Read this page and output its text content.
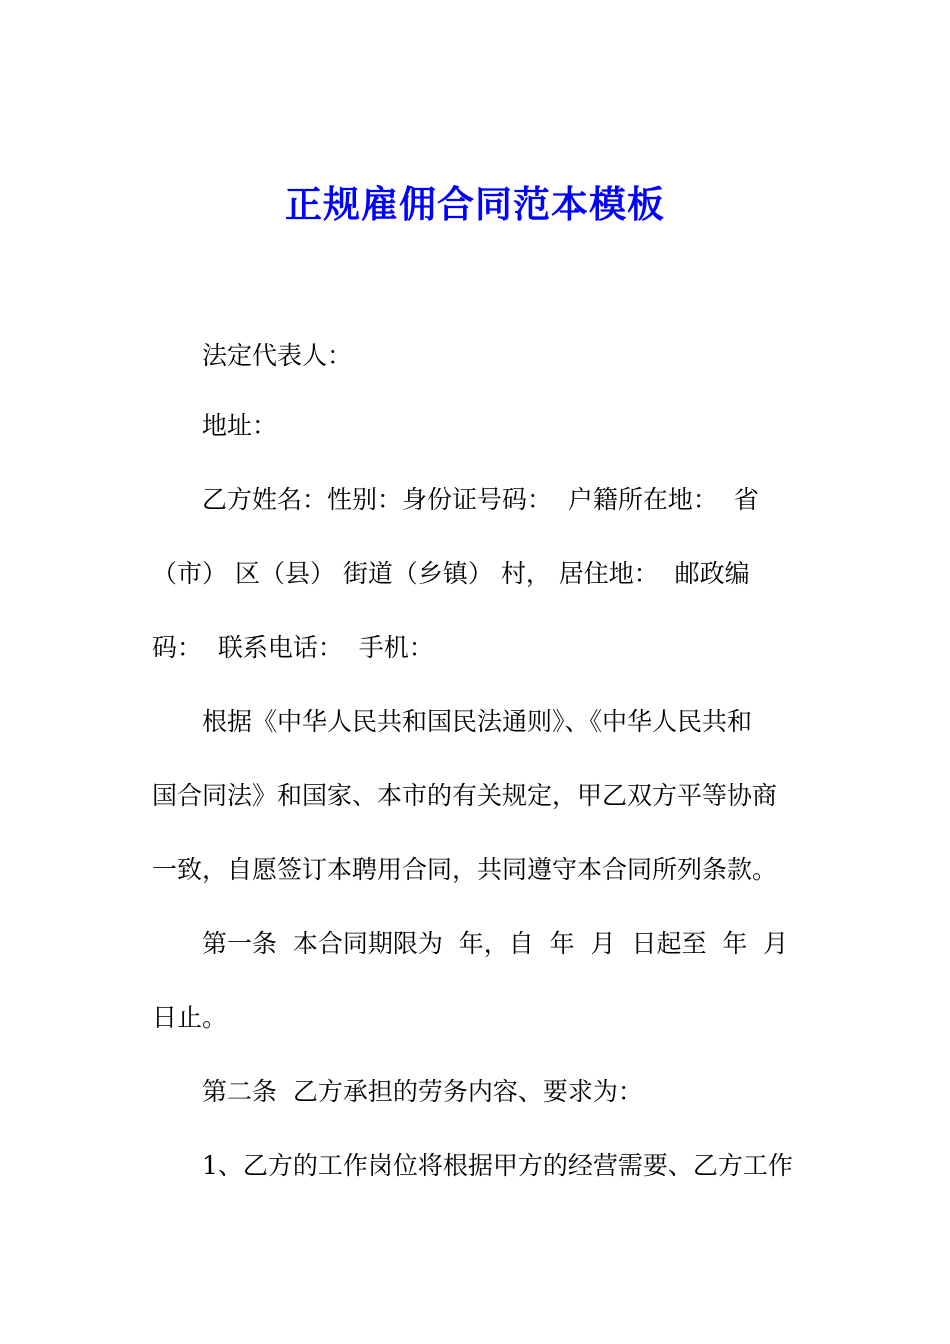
正规雇佣合同范本模板
法定代表人：
地址：
乙方姓名：性别：身份证号码：  户籍所在地：  省
（市） 区（县） 街道（乡镇） 村， 居住地：  邮政编
码：  联系电话：  手机：
根据《中华人民共和国民法通则》、《中华人民共和
国合同法》和国家、本市的有关规定，甲乙双方平等协商
一致，自愿签订本聘用合同，共同遵守本合同所列条款。
第一条  本合同期限为  年，自  年  月  日起至  年  月
日止。
第二条  乙方承担的劳务内容、要求为：
1、乙方的工作岗位将根据甲方的经营需要、乙方工作
